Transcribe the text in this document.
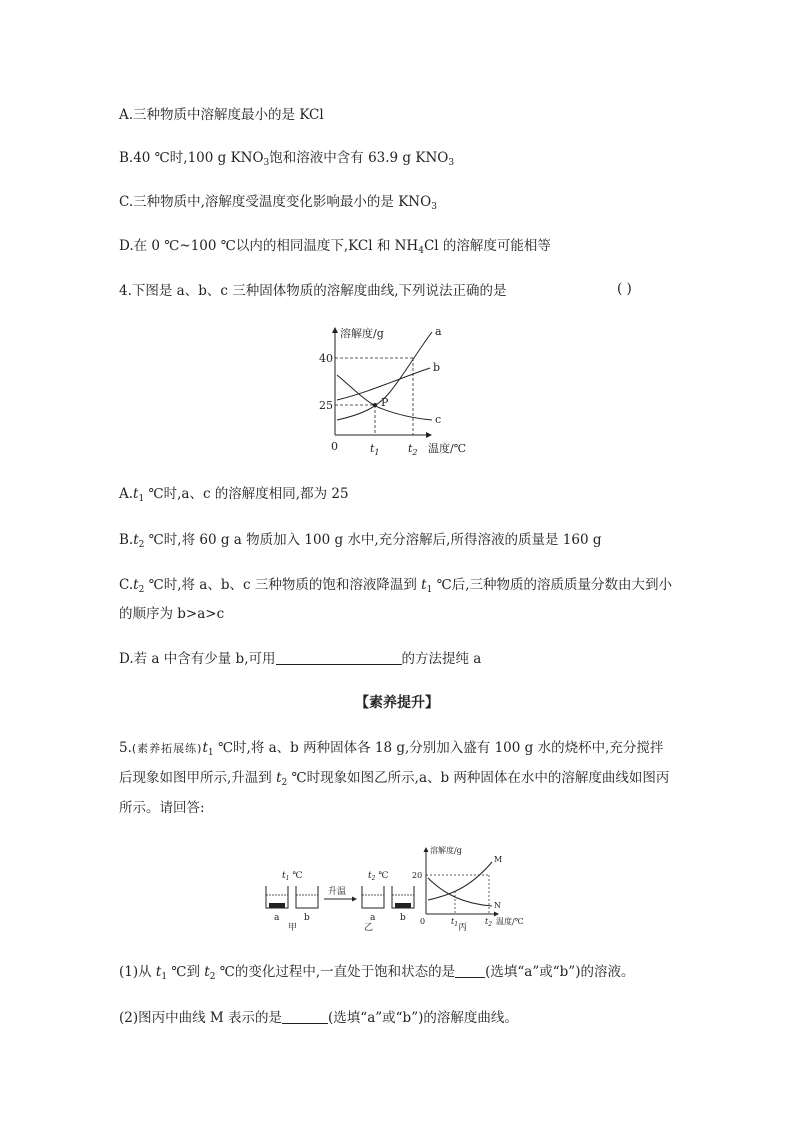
A.三种物质中溶解度最小的是 KCl
B.40 ℃时,100 g $KNO_3$饱和溶液中含有 63.9 g $KNO_3$
C.三种物质中,溶解度受温度变化影响最小的是 $KNO_3$
D.在 0 ℃~100 ℃以内的相同温度下,KCl 和 $NH_4Cl$ 的溶解度可能相等
4.下图是 a、b、c 三种固体物质的溶解度曲线,下列说法正确的是	( )
溶解度/g
40
25
0	$t_1$	$t_2$ 温度/℃
a
b
c
P
$A.t_1$ ℃时,a、c 的溶解度相同,都为 25
$B.t_2$ ℃时,将 60 g a 物质加入 100 g 水中,充分溶解后,所得溶液的质量是 160 g
$C.t_2$ ℃时,将 a、b、c 三种物质的饱和溶液降温到 $t_1$ ℃后,三种物质的溶质质量分数由大到小
的顺序为 b>a>c
D.若 a 中含有少量 b,可用	的方法提纯 a
【素养提升】
5.(素养拓展练)$t_1$ ℃时,将 a、b 两种固体各 18 g,分别加入盛有 100 g 水的烧杯中,充分搅拌
后现象如图甲所示,升温到 $t_2$ ℃时现象如图乙所示,a、b 两种固体在水中的溶解度曲线如图丙
所示。请回答:
$t_1$ ℃
a	b
甲
升温
$t_2$ ℃
a	b
乙
溶解度/g
20
0	$t_1$	$t_2$ 温度/℃
M
N
丙
(1)从 $t_1$ ℃到 $t_2$ ℃的变化过程中,一直处于饱和状态的是 (选填“a”或“b”)的溶液。
(2)图丙中曲线 M 表示的是	(选填“a”或“b”)的溶解度曲线。
